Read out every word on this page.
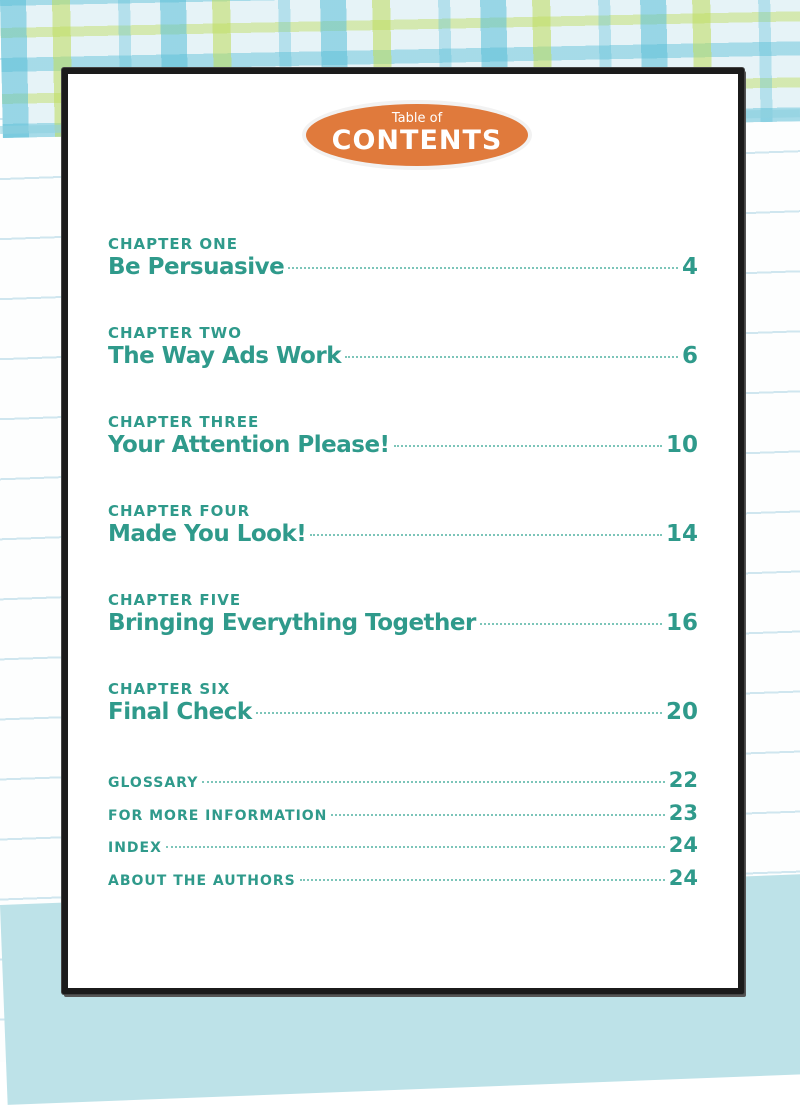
Table of
CONTENTS
CHAPTER ONE
Be Persuasive	4
CHAPTER TWO
The Way Ads Work	6
CHAPTER THREE
Your Attention Please!	10
CHAPTER FOUR
Made You Look!	14
CHAPTER FIVE
Bringing Everything Together	16
CHAPTER SIX
Final Check	20
GLOSSARY	22
FOR MORE INFORMATION	23
INDEX	24
ABOUT THE AUTHORS	24
